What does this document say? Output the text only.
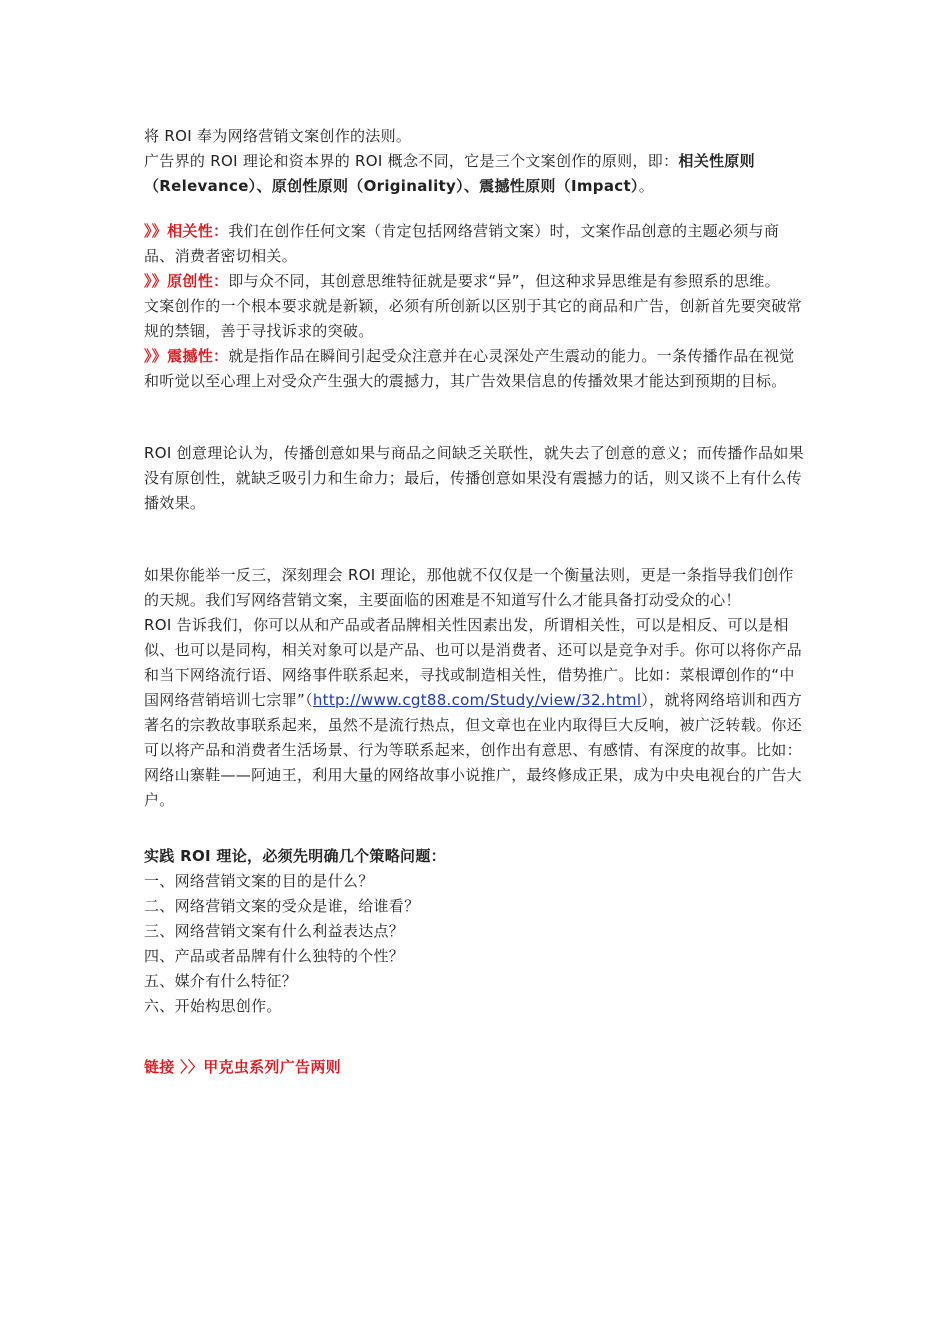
将 ROI 奉为网络营销文案创作的法则。

广告界的 ROI 理论和资本界的 ROI 概念不同，它是三个文案创作的原则，即：相关性原则（Relevance）、原创性原则（Originality）、震撼性原则（Impact）。

》》相关性：我们在创作任何文案（肯定包括网络营销文案）时，文案作品创意的主题必须与商品、消费者密切相关。

》》原创性：即与众不同，其创意思维特征就是要求“异”，但这种求异思维是有参照系的思维。

文案创作的一个根本要求就是新颖，必须有所创新以区别于其它的商品和广告，创新首先要突破常规的禁锢，善于寻找诉求的突破。

》》震撼性：就是指作品在瞬间引起受众注意并在心灵深处产生震动的能力。一条传播作品在视觉和听觉以至心理上对受众产生强大的震撼力，其广告效果信息的传播效果才能达到预期的目标。

ROI 创意理论认为，传播创意如果与商品之间缺乏关联性，就失去了创意的意义；而传播作品如果没有原创性，就缺乏吸引力和生命力；最后，传播创意如果没有震撼力的话，则又谈不上有什么传播效果。

如果你能举一反三，深刻理会 ROI 理论，那他就不仅仅是一个衡量法则，更是一条指导我们创作的天规。我们写网络营销文案，主要面临的困难是不知道写什么才能具备打动受众的心！

ROI 告诉我们，你可以从和产品或者品牌相关性因素出发，所谓相关性，可以是相反、可以是相似、也可以是同构，相关对象可以是产品、也可以是消费者、还可以是竞争对手。你可以将你产品和当下网络流行语、网络事件联系起来，寻找或制造相关性，借势推广。比如：菜根谭创作的“中国网络营销培训七宗罪”（http://www.cgt88.com/Study/view/32.html），就将网络培训和西方著名的宗教故事联系起来，虽然不是流行热点，但文章也在业内取得巨大反响，被广泛转载。你还可以将产品和消费者生活场景、行为等联系起来，创作出有意思、有感情、有深度的故事。比如：网络山寨鞋——阿迪王，利用大量的网络故事小说推广，最终修成正果，成为中央电视台的广告大户。

实践 ROI 理论，必须先明确几个策略问题：

一、网络营销文案的目的是什么？

二、网络营销文案的受众是谁，给谁看？

三、网络营销文案有什么利益表达点？

四、产品或者品牌有什么独特的个性？

五、媒介有什么特征？

六、开始构思创作。

链接 〉〉甲克虫系列广告两则
